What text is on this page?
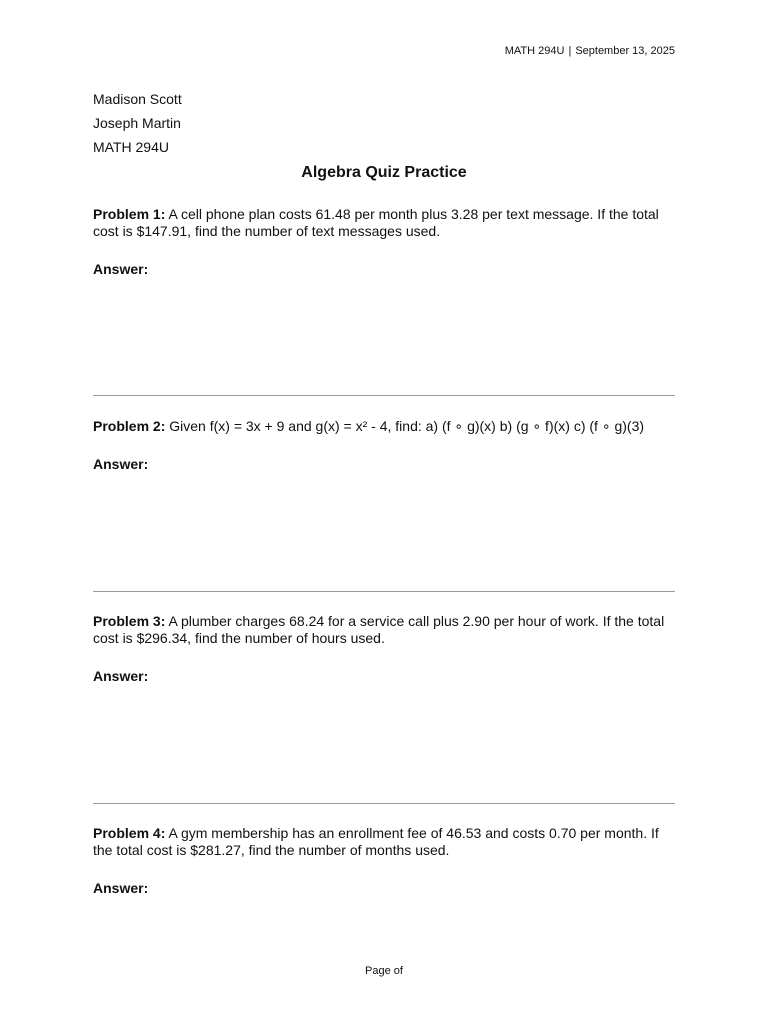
MATH 294U | September 13, 2025
Madison Scott
Joseph Martin
MATH 294U
Algebra Quiz Practice
Problem 1: A cell phone plan costs 61.48 per month plus 3.28 per text message. If the total cost is $147.91, find the number of text messages used.
Answer:
Problem 2: Given f(x) = 3x + 9 and g(x) = x² - 4, find: a) (f ∘ g)(x) b) (g ∘ f)(x) c) (f ∘ g)(3)
Answer:
Problem 3: A plumber charges 68.24 for a service call plus 2.90 per hour of work. If the total cost is $296.34, find the number of hours used.
Answer:
Problem 4: A gym membership has an enrollment fee of 46.53 and costs 0.70 per month. If the total cost is $281.27, find the number of months used.
Answer:
Page of
